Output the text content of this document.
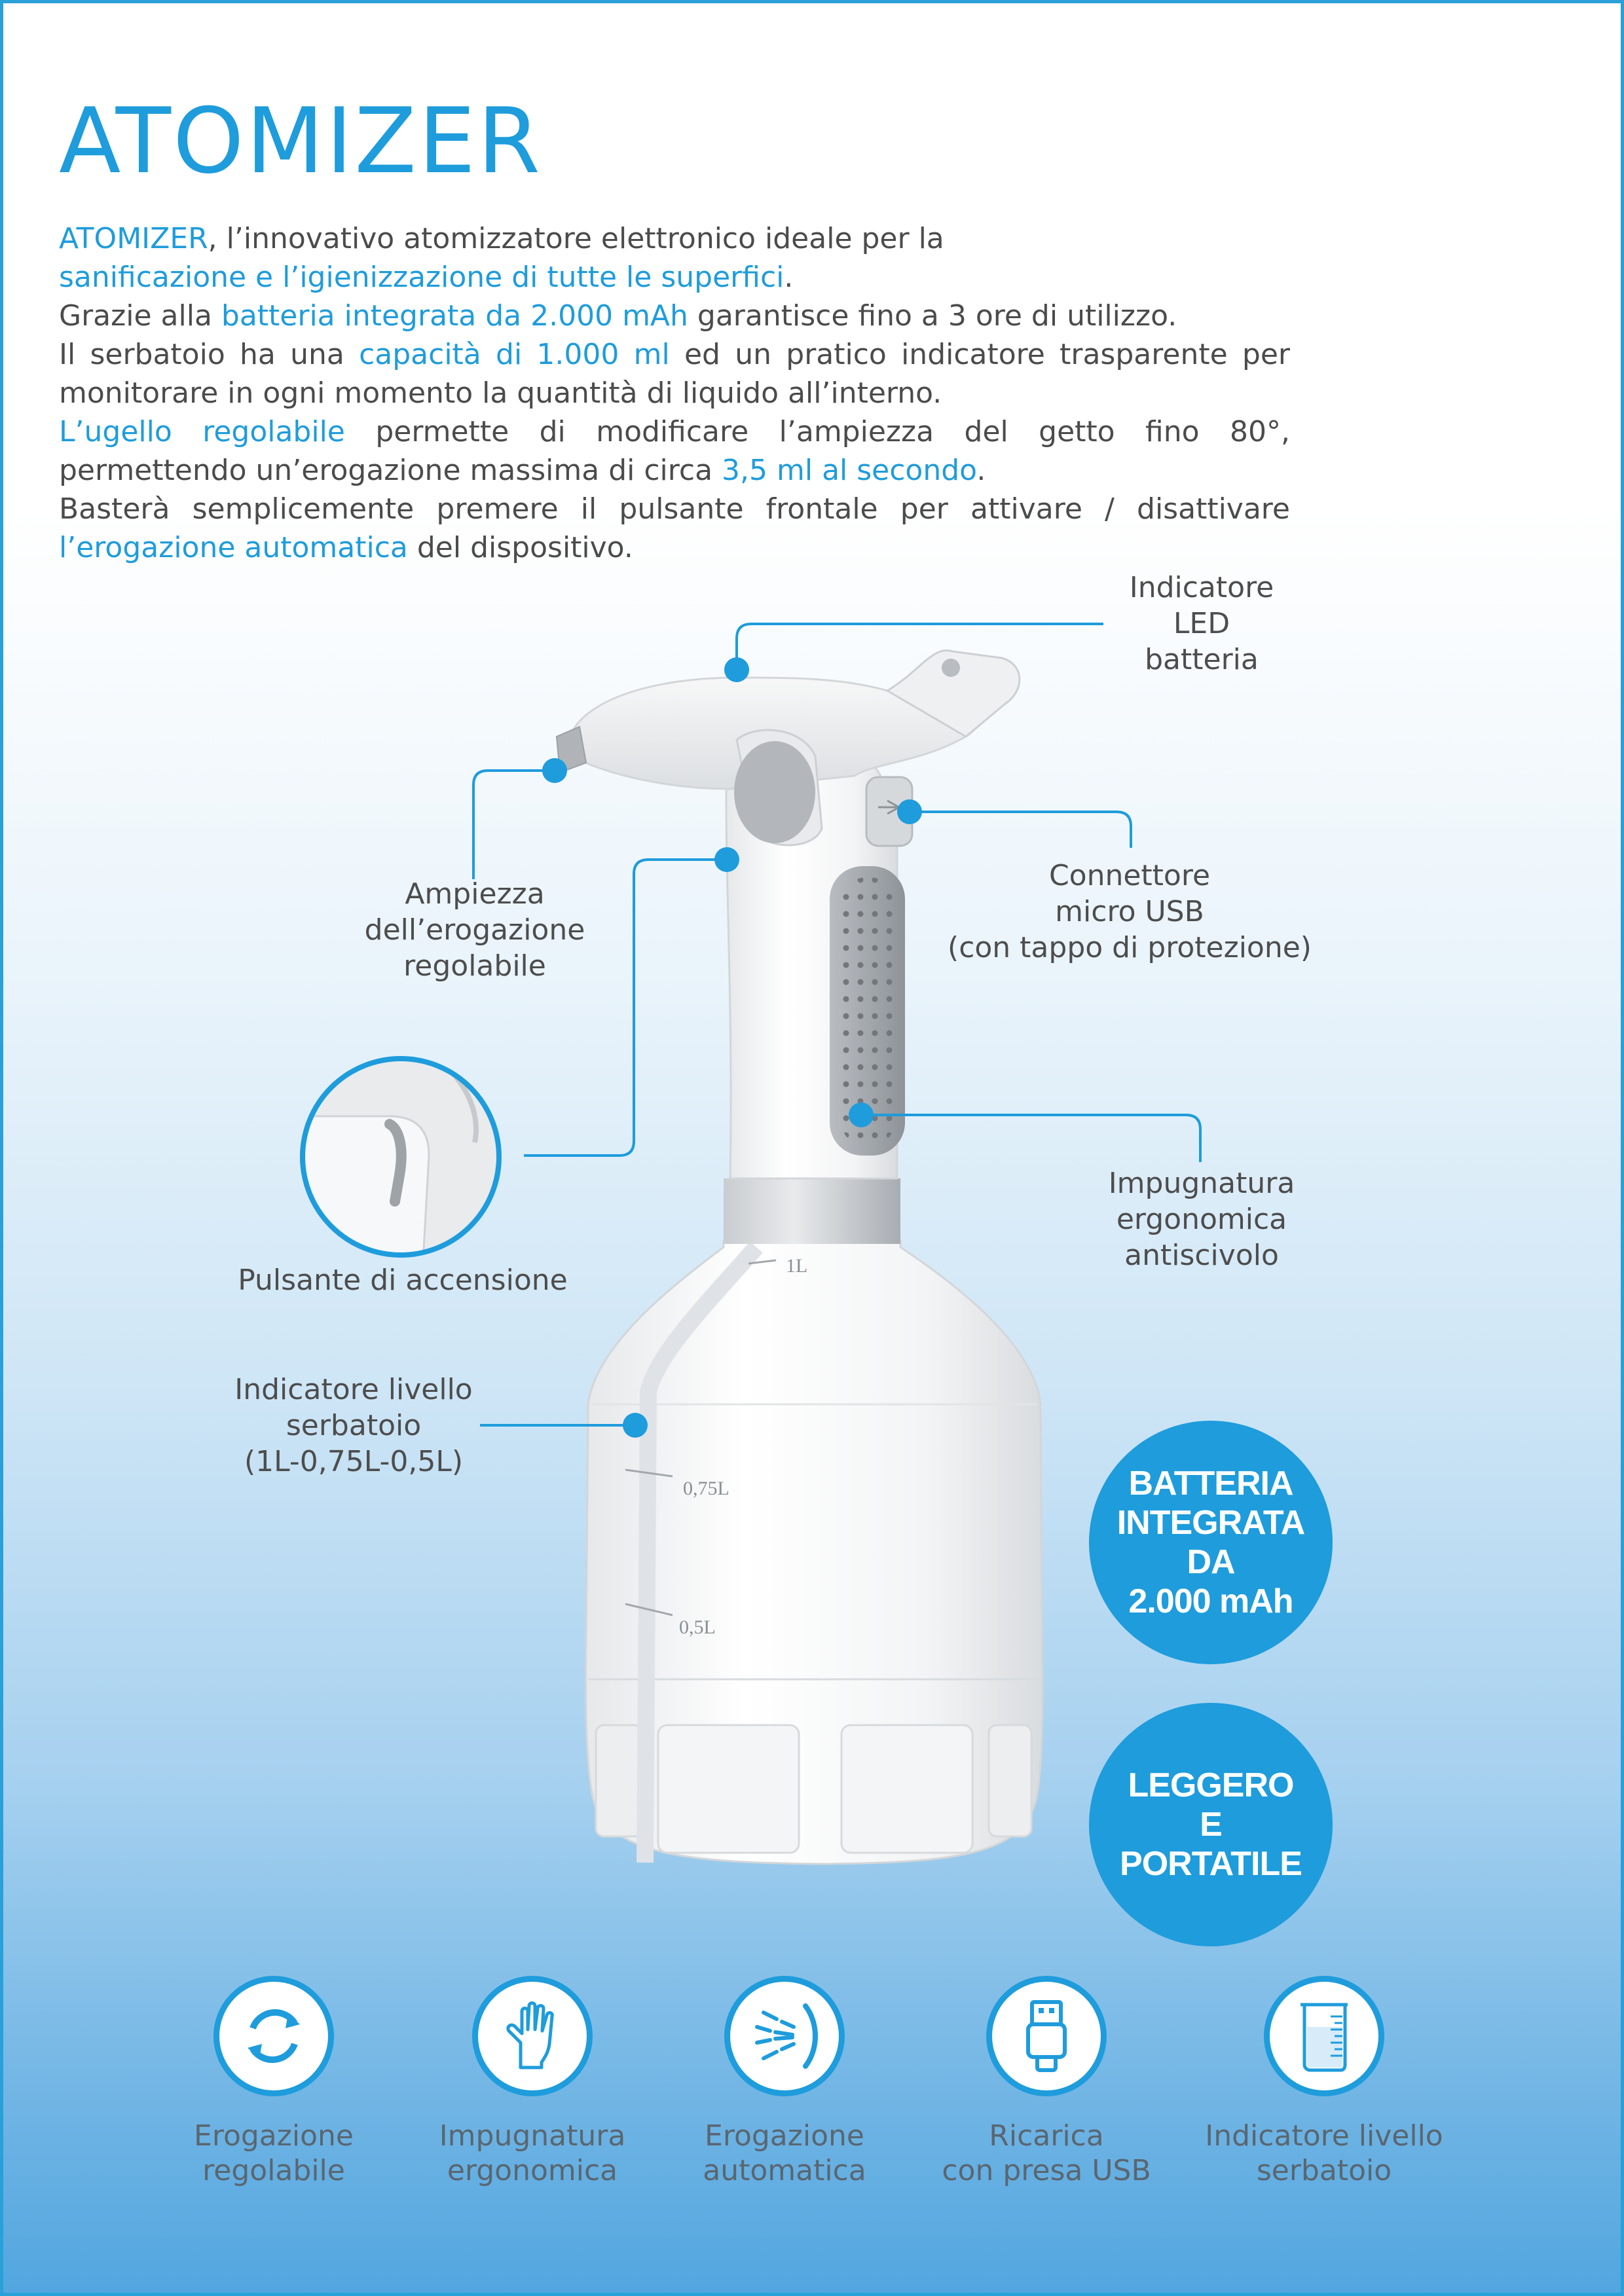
ATOMIZER

ATOMIZER, l’innovativo atomizzatore elettronico ideale per la
sanificazione e l’igienizzazione di tutte le superfici.

Grazie alla batteria integrata da 2.000 mAh garantisce fino a 3 ore di utilizzo.

Il serbatoio ha una capacità di 1.000 ml ed un pratico indicatore trasparente per monitorare in ogni momento la quantità di liquido all’interno.

L’ugello regolabile permette di modificare l’ampiezza del getto fino 80°, permettendo un’erogazione massima di circa 3,5 ml al secondo.

Basterà semplicemente premere il pulsante frontale per attivare / disattivare l’erogazione automatica del dispositivo.

1L
0,75L
0,5L
Indicatore
LED
batteria
Ampiezza
dell’erogazione
regolabile
Connettore
micro USB
(con tappo di protezione)
Pulsante di accensione
Impugnatura
ergonomica
antiscivolo
Indicatore livello
serbatoio
(1L-0,75L-0,5L)
BATTERIA
INTEGRATA
DA
2.000 mAh
LEGGERO
E
PORTATILE
Erogazione
regolabile
Impugnatura
ergonomica
Erogazione
automatica
Ricarica
con presa USB
Indicatore livello
serbatoio
